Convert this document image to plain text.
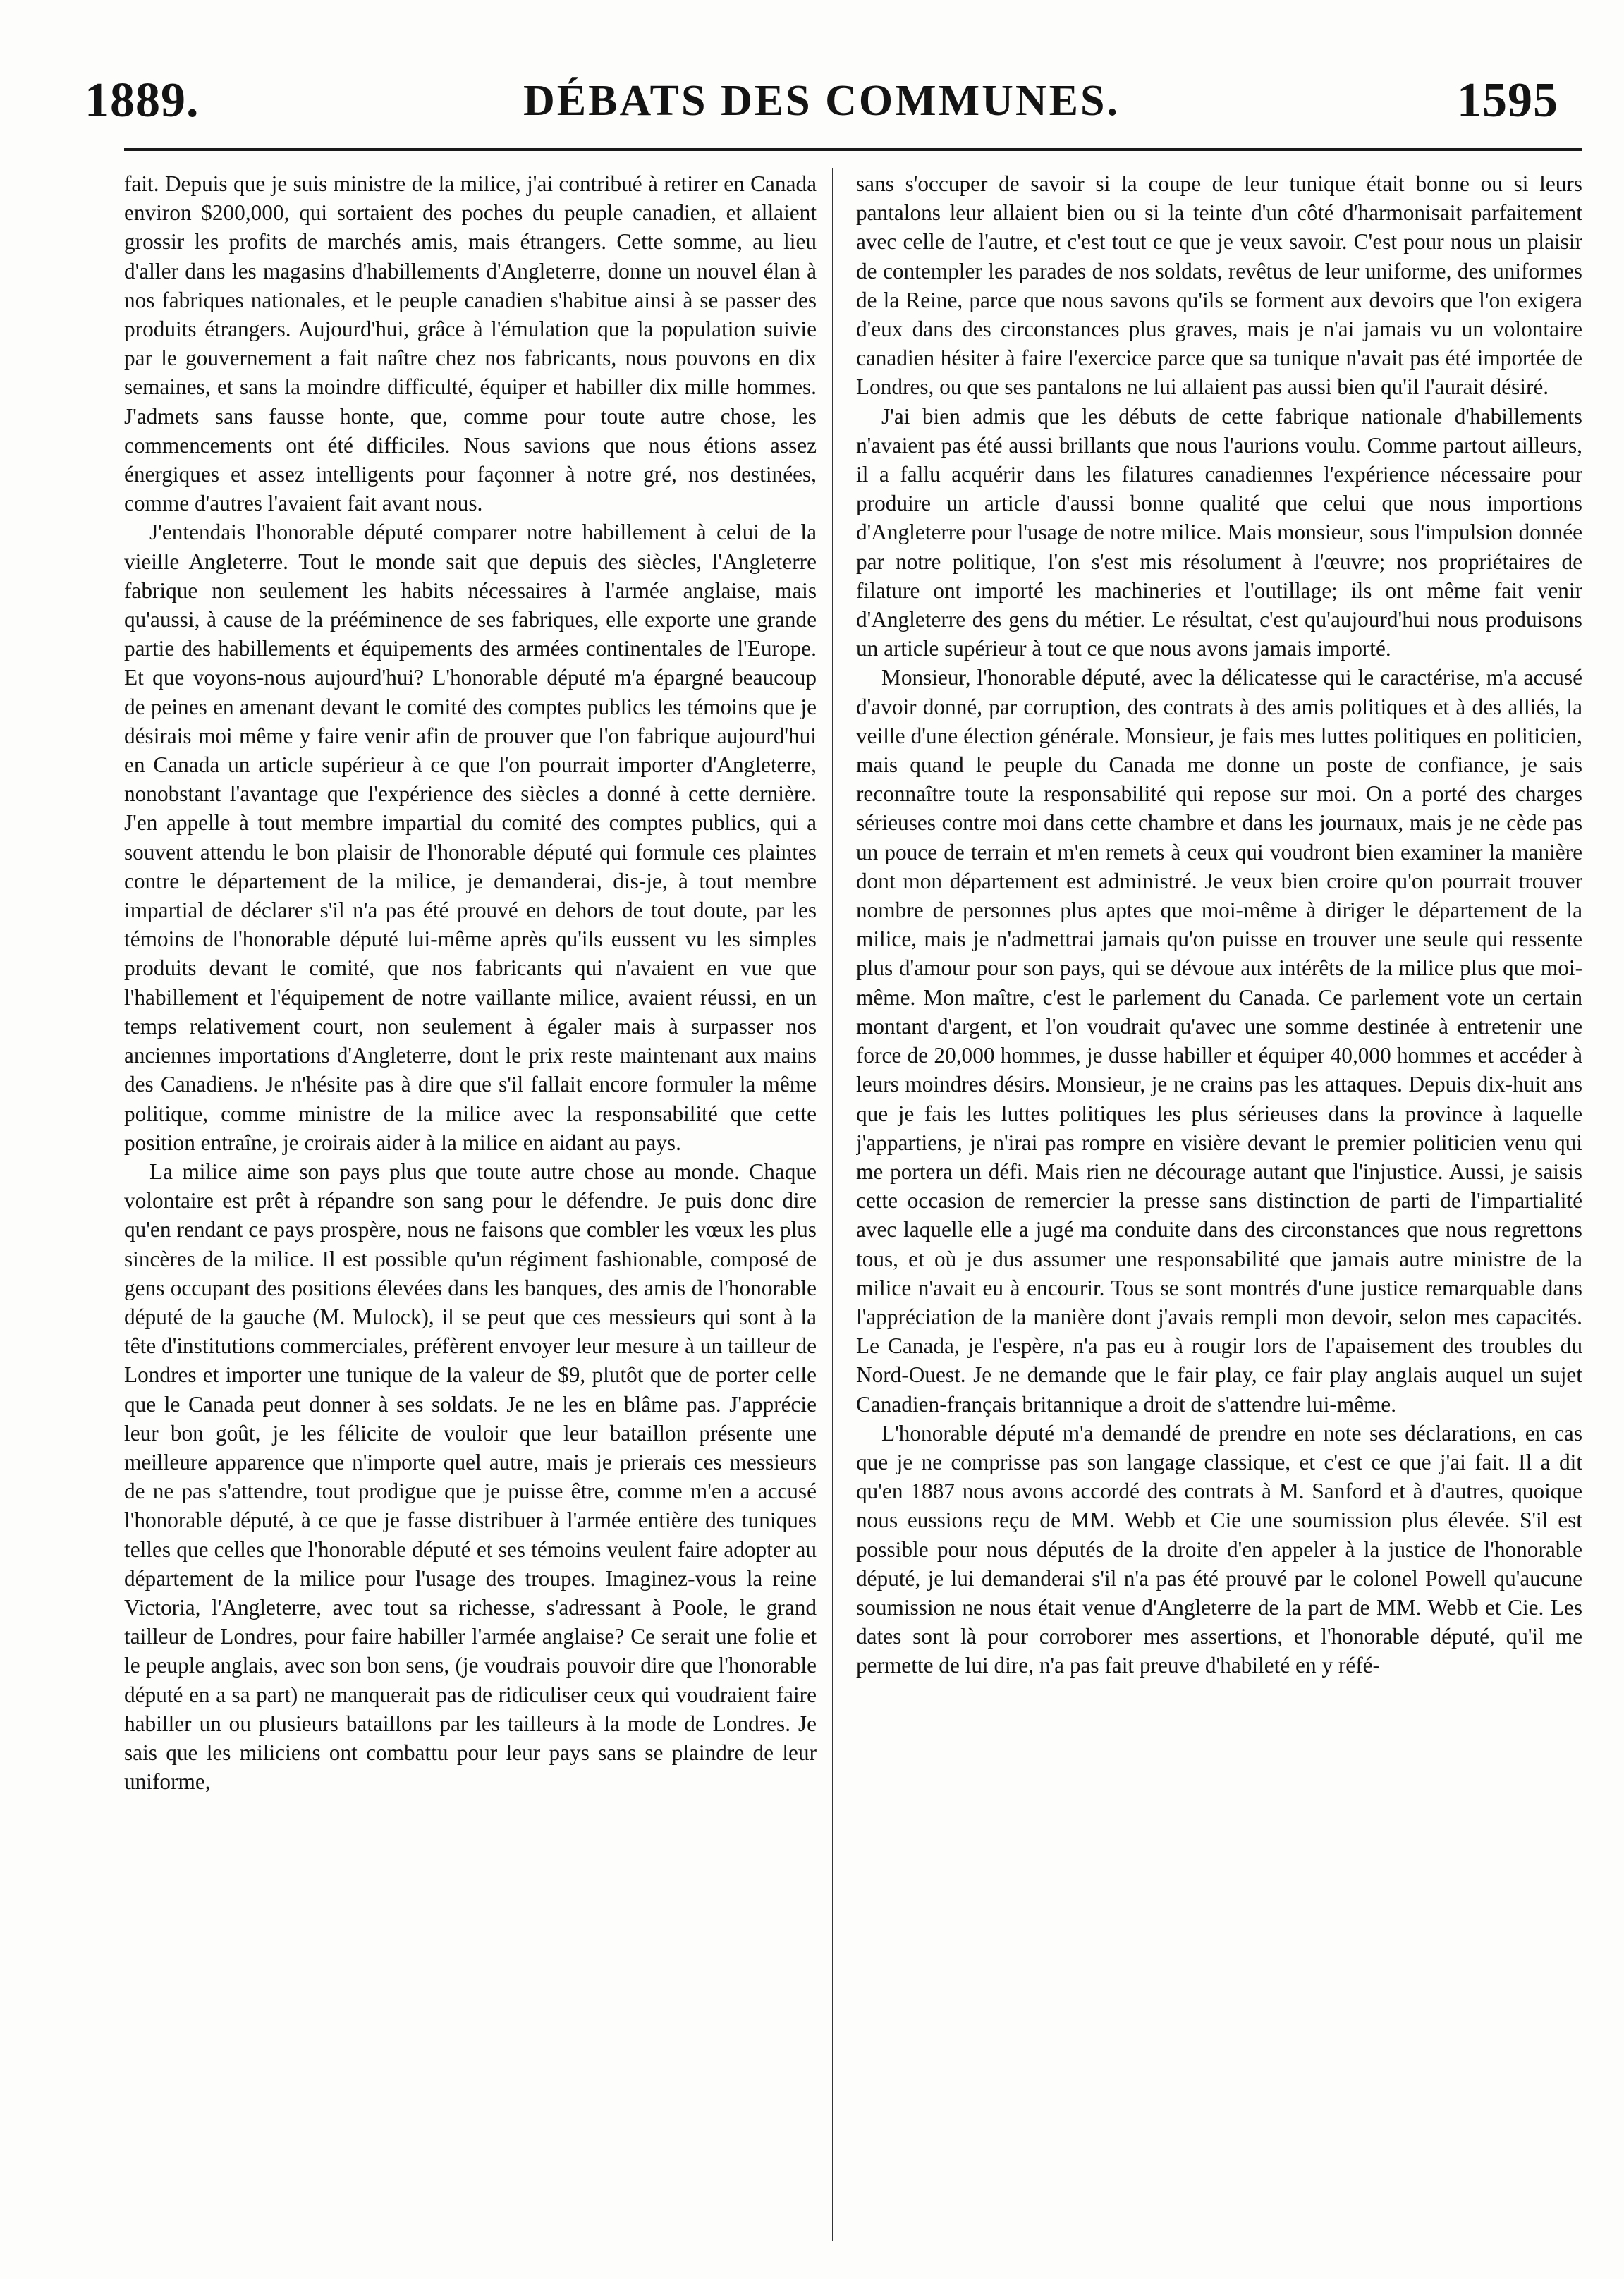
1889.	DÉBATS DES COMMUNES.	1595

fait. Depuis que je suis ministre de la milice, j'ai contribué à retirer en Canada environ $200,000, qui sortaient des poches du peuple canadien, et allaient grossir les profits de marchés amis, mais étrangers. Cette somme, au lieu d'aller dans les magasins d'habillements d'Angleterre, donne un nouvel élan à nos fabriques nationales, et le peuple canadien s'habitue ainsi à se passer des produits étrangers. Aujourd'hui, grâce à l'émulation que la population suivie par le gouvernement a fait naître chez nos fabricants, nous pouvons en dix semaines, et sans la moindre difficulté, équiper et habiller dix mille hommes. J'admets sans fausse honte, que, comme pour toute autre chose, les commencements ont été difficiles. Nous savions que nous étions assez énergiques et assez intelligents pour façonner à notre gré, nos destinées, comme d'autres l'avaient fait avant nous.

J'entendais l'honorable député comparer notre habillement à celui de la vieille Angleterre. Tout le monde sait que depuis des siècles, l'Angleterre fabrique non seulement les habits nécessaires à l'armée anglaise, mais qu'aussi, à cause de la prééminence de ses fabriques, elle exporte une grande partie des habillements et équipements des armées continentales de l'Europe. Et que voyons-nous aujourd'hui? L'honorable député m'a épargné beaucoup de peines en amenant devant le comité des comptes publics les témoins que je désirais moi même y faire venir afin de prouver que l'on fabrique aujourd'hui en Canada un article supérieur à ce que l'on pourrait importer d'Angleterre, nonobstant l'avantage que l'expérience des siècles a donné à cette dernière. J'en appelle à tout membre impartial du comité des comptes publics, qui a souvent attendu le bon plaisir de l'honorable député qui formule ces plaintes contre le département de la milice, je demanderai, dis-je, à tout membre impartial de déclarer s'il n'a pas été prouvé en dehors de tout doute, par les témoins de l'honorable député lui-même après qu'ils eussent vu les simples produits devant le comité, que nos fabricants qui n'avaient en vue que l'habillement et l'équipement de notre vaillante milice, avaient réussi, en un temps relativement court, non seulement à égaler mais à surpasser nos anciennes importations d'Angleterre, dont le prix reste maintenant aux mains des Canadiens. Je n'hésite pas à dire que s'il fallait encore formuler la même politique, comme ministre de la milice avec la responsabilité que cette position entraîne, je croirais aider à la milice en aidant au pays.

La milice aime son pays plus que toute autre chose au monde. Chaque volontaire est prêt à répandre son sang pour le défendre. Je puis donc dire qu'en rendant ce pays prospère, nous ne faisons que combler les vœux les plus sincères de la milice. Il est possible qu'un régiment fashionable, composé de gens occupant des positions élevées dans les banques, des amis de l'honorable député de la gauche (M. Mulock), il se peut que ces messieurs qui sont à la tête d'institutions commerciales, préfèrent envoyer leur mesure à un tailleur de Londres et importer une tunique de la valeur de $9, plutôt que de porter celle que le Canada peut donner à ses soldats. Je ne les en blâme pas. J'apprécie leur bon goût, je les félicite de vouloir que leur bataillon présente une meilleure apparence que n'importe quel autre, mais je prierais ces messieurs de ne pas s'attendre, tout prodigue que je puisse être, comme m'en a accusé l'honorable député, à ce que je fasse distribuer à l'armée entière des tuniques telles que celles que l'honorable député et ses témoins veulent faire adopter au département de la milice pour l'usage des troupes. Imaginez-vous la reine Victoria, l'Angleterre, avec tout sa richesse, s'adressant à Poole, le grand tailleur de Londres, pour faire habiller l'armée anglaise? Ce serait une folie et le peuple anglais, avec son bon sens, (je voudrais pouvoir dire que l'honorable député en a sa part) ne manquerait pas de ridiculiser ceux qui voudraient faire habiller un ou plusieurs bataillons par les tailleurs à la mode de Londres. Je sais que les miliciens ont combattu pour leur pays sans se plaindre de leur uniforme,

sans s'occuper de savoir si la coupe de leur tunique était bonne ou si leurs pantalons leur allaient bien ou si la teinte d'un côté d'harmonisait parfaitement avec celle de l'autre, et c'est tout ce que je veux savoir. C'est pour nous un plaisir de contempler les parades de nos soldats, revêtus de leur uniforme, des uniformes de la Reine, parce que nous savons qu'ils se forment aux devoirs que l'on exigera d'eux dans des circonstances plus graves, mais je n'ai jamais vu un volontaire canadien hésiter à faire l'exercice parce que sa tunique n'avait pas été importée de Londres, ou que ses pantalons ne lui allaient pas aussi bien qu'il l'aurait désiré.

J'ai bien admis que les débuts de cette fabrique nationale d'habillements n'avaient pas été aussi brillants que nous l'aurions voulu. Comme partout ailleurs, il a fallu acquérir dans les filatures canadiennes l'expérience nécessaire pour produire un article d'aussi bonne qualité que celui que nous importions d'Angleterre pour l'usage de notre milice. Mais monsieur, sous l'impulsion donnée par notre politique, l'on s'est mis résolument à l'œuvre; nos propriétaires de filature ont importé les machineries et l'outillage; ils ont même fait venir d'Angleterre des gens du métier. Le résultat, c'est qu'aujourd'hui nous produisons un article supérieur à tout ce que nous avons jamais importé.

Monsieur, l'honorable député, avec la délicatesse qui le caractérise, m'a accusé d'avoir donné, par corruption, des contrats à des amis politiques et à des alliés, la veille d'une élection générale. Monsieur, je fais mes luttes politiques en politicien, mais quand le peuple du Canada me donne un poste de confiance, je sais reconnaître toute la responsabilité qui repose sur moi. On a porté des charges sérieuses contre moi dans cette chambre et dans les journaux, mais je ne cède pas un pouce de terrain et m'en remets à ceux qui voudront bien examiner la manière dont mon département est administré. Je veux bien croire qu'on pourrait trouver nombre de personnes plus aptes que moi-même à diriger le département de la milice, mais je n'admettrai jamais qu'on puisse en trouver une seule qui ressente plus d'amour pour son pays, qui se dévoue aux intérêts de la milice plus que moi-même. Mon maître, c'est le parlement du Canada. Ce parlement vote un certain montant d'argent, et l'on voudrait qu'avec une somme destinée à entretenir une force de 20,000 hommes, je dusse habiller et équiper 40,000 hommes et accéder à leurs moindres désirs. Monsieur, je ne crains pas les attaques. Depuis dix-huit ans que je fais les luttes politiques les plus sérieuses dans la province à laquelle j'appartiens, je n'irai pas rompre en visière devant le premier politicien venu qui me portera un défi. Mais rien ne décourage autant que l'injustice. Aussi, je saisis cette occasion de remercier la presse sans distinction de parti de l'impartialité avec laquelle elle a jugé ma conduite dans des circonstances que nous regrettons tous, et où je dus assumer une responsabilité que jamais autre ministre de la milice n'avait eu à encourir. Tous se sont montrés d'une justice remarquable dans l'appréciation de la manière dont j'avais rempli mon devoir, selon mes capacités. Le Canada, je l'espère, n'a pas eu à rougir lors de l'apaisement des troubles du Nord-Ouest. Je ne demande que le fair play, ce fair play anglais auquel un sujet Canadien-français britannique a droit de s'attendre lui-même.

L'honorable député m'a demandé de prendre en note ses déclarations, en cas que je ne comprisse pas son langage classique, et c'est ce que j'ai fait. Il a dit qu'en 1887 nous avons accordé des contrats à M. Sanford et à d'autres, quoique nous eussions reçu de MM. Webb et Cie une soumission plus élevée. S'il est possible pour nous députés de la droite d'en appeler à la justice de l'honorable député, je lui demanderai s'il n'a pas été prouvé par le colonel Powell qu'aucune soumission ne nous était venue d'Angleterre de la part de MM. Webb et Cie. Les dates sont là pour corroborer mes assertions, et l'honorable député, qu'il me permette de lui dire, n'a pas fait preuve d'habileté en y réfé-
